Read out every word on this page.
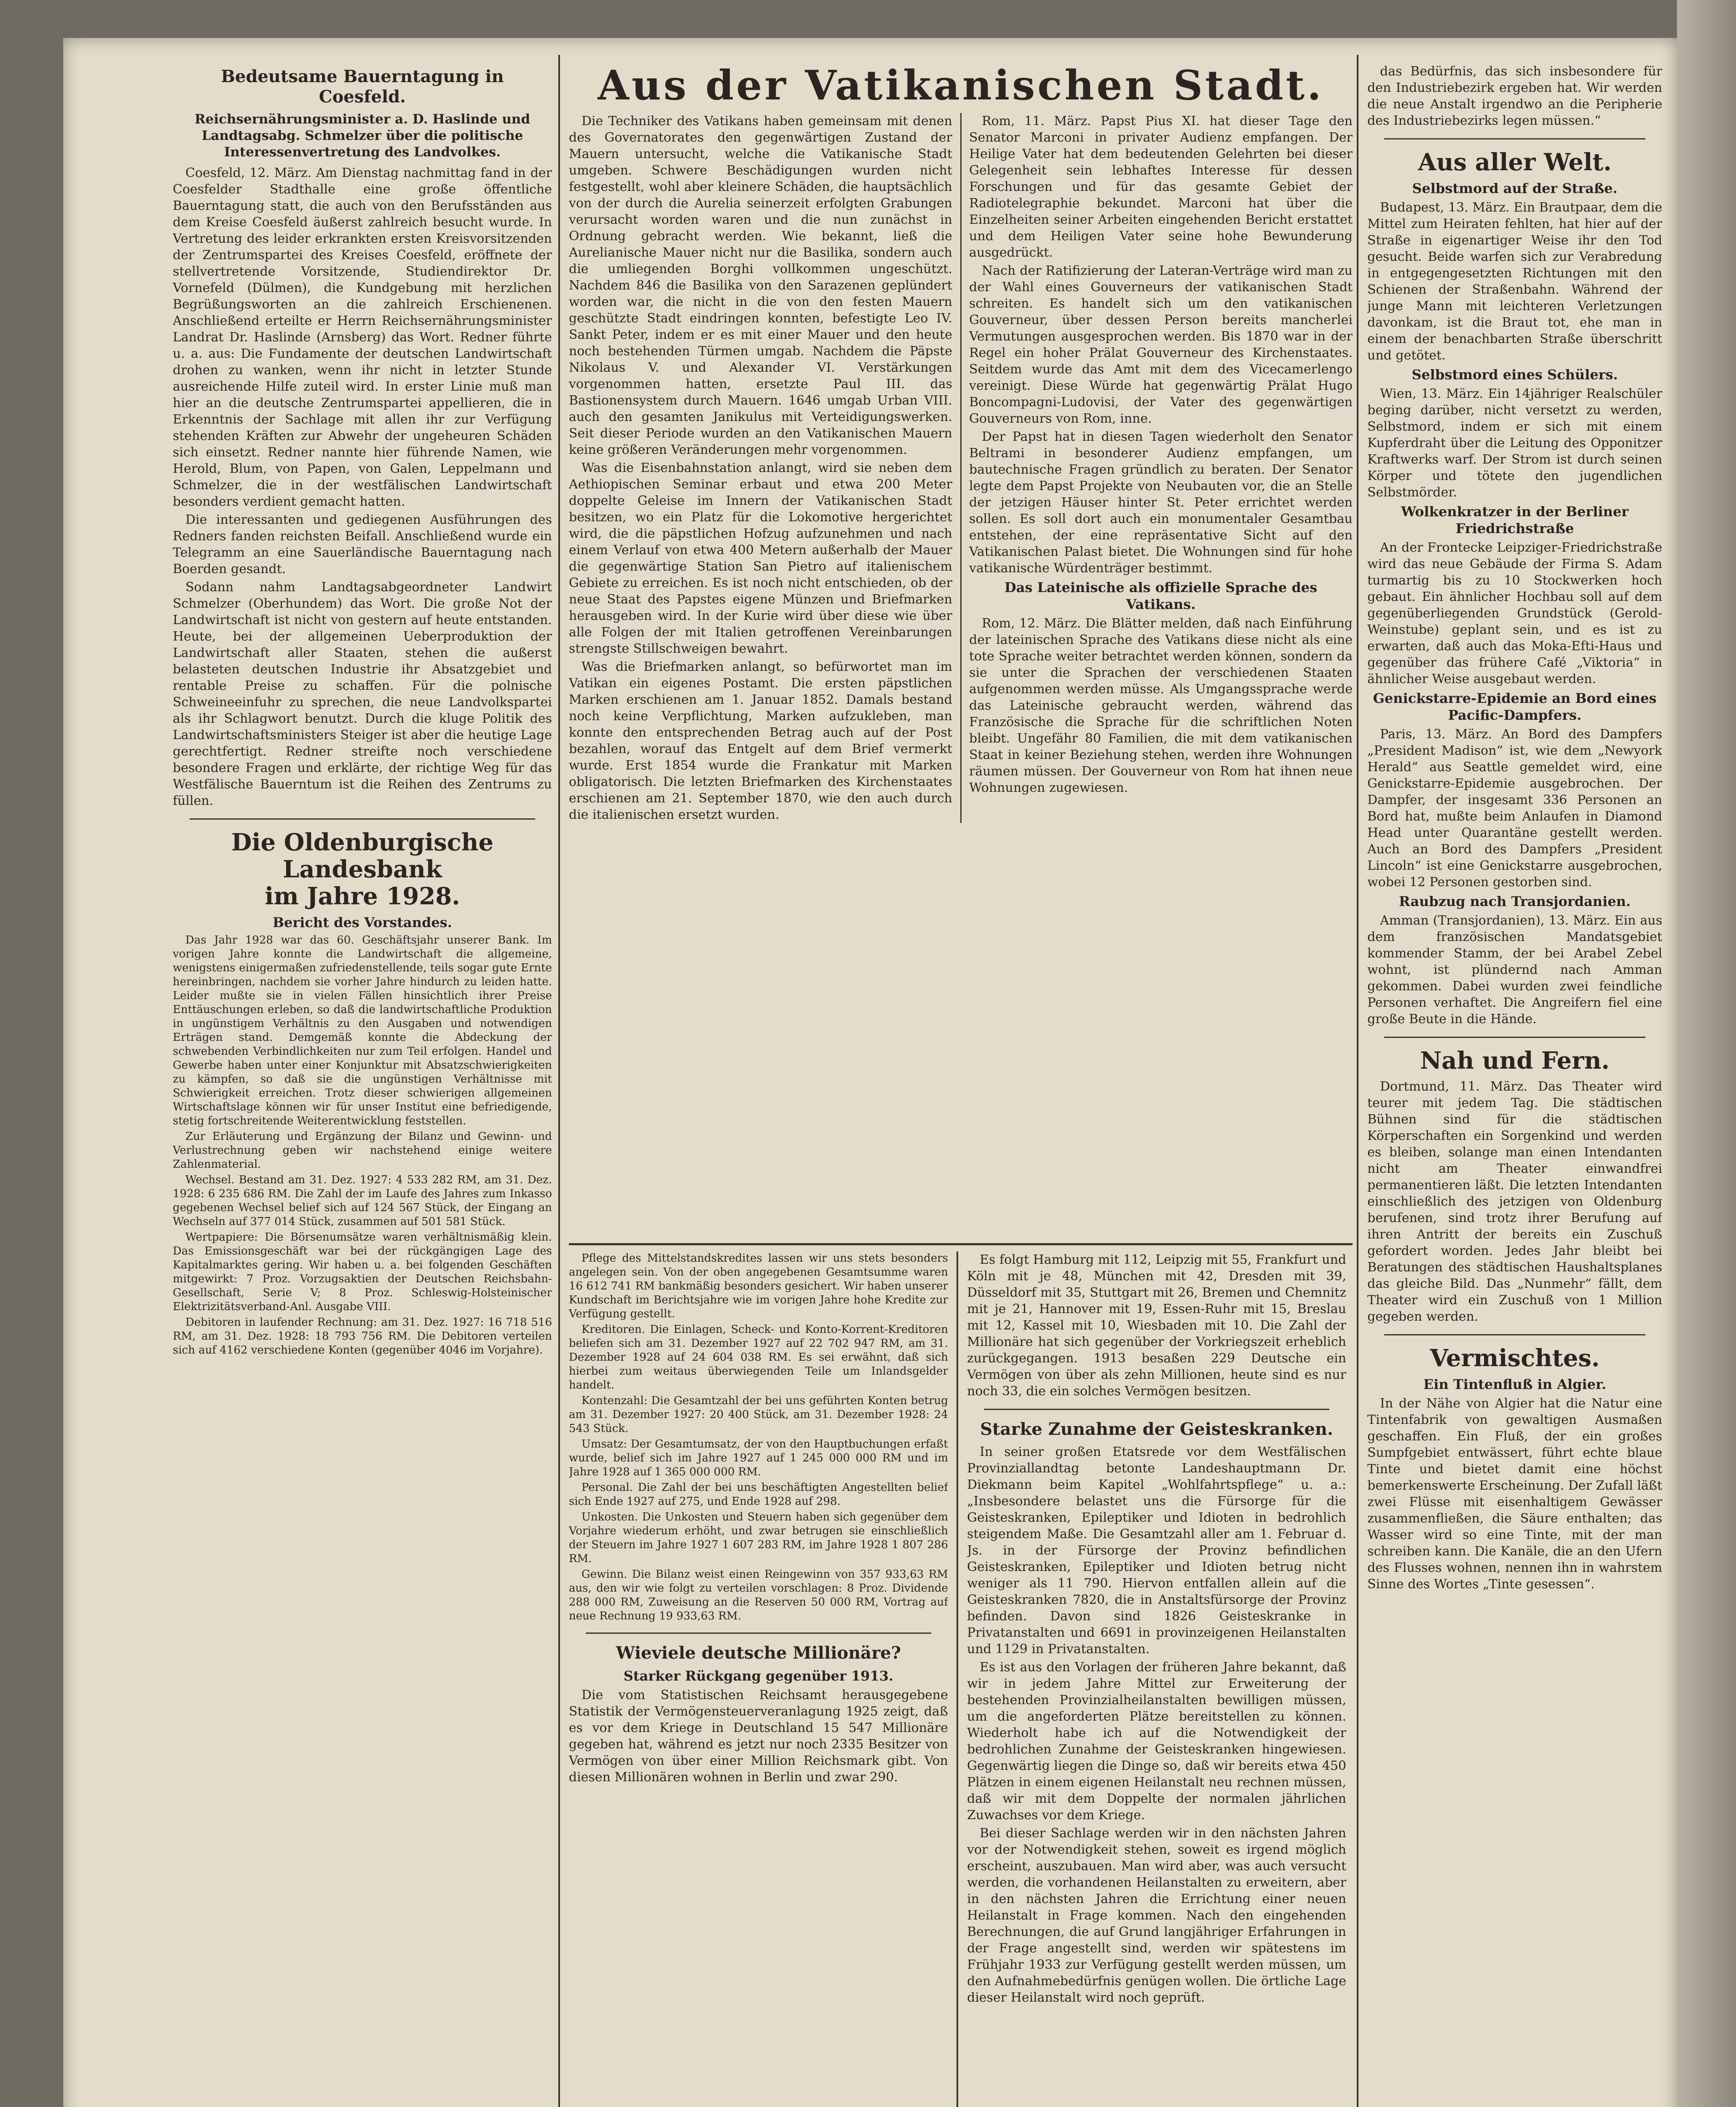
Bedeutsame Bauerntagung in
Coesfeld.
Reichsernährungsminister a. D. Haslinde und Landtagsabg. Schmelzer über die politische Interessenvertretung des Landvolkes.

Coesfeld, 12. März. Am Dienstag nachmittag fand in der Coesfelder Stadthalle eine große öffentliche Bauerntagung statt, die auch von den Berufsständen aus dem Kreise Coesfeld äußerst zahlreich besucht wurde. In Vertretung des leider erkrankten ersten Kreisvorsitzenden der Zentrumspartei des Kreises Coesfeld, eröffnete der stellvertretende Vorsitzende, Studiendirektor Dr. Vornefeld (Dülmen), die Kundgebung mit herzlichen Begrüßungsworten an die zahlreich Erschienenen. Anschließend erteilte er Herrn Reichsernährungsminister Landrat Dr. Haslinde (Arnsberg) das Wort. Redner führte u. a. aus: Die Fundamente der deutschen Landwirtschaft drohen zu wanken, wenn ihr nicht in letzter Stunde ausreichende Hilfe zuteil wird. In erster Linie muß man hier an die deutsche Zentrumspartei appellieren, die in Erkenntnis der Sachlage mit allen ihr zur Verfügung stehenden Kräften zur Abwehr der ungeheuren Schäden sich einsetzt. Redner nannte hier führende Namen, wie Herold, Blum, von Papen, von Galen, Leppelmann und Schmelzer, die in der westfälischen Landwirtschaft besonders verdient gemacht hatten.

Die interessanten und gediegenen Ausführungen des Redners fanden reichsten Beifall. Anschließend wurde ein Telegramm an eine Sauerländische Bauerntagung nach Boerden gesandt.

Sodann nahm Landtagsabgeordneter Landwirt Schmelzer (Oberhundem) das Wort. Die große Not der Landwirtschaft ist nicht von gestern auf heute entstanden. Heute, bei der allgemeinen Ueberproduktion der Landwirtschaft aller Staaten, stehen die außerst belasteten deutschen Industrie ihr Absatzgebiet und rentable Preise zu schaffen. Für die polnische Schweineeinfuhr zu sprechen, die neue Landvolkspartei als ihr Schlagwort benutzt. Durch die kluge Politik des Landwirtschaftsministers Steiger ist aber die heutige Lage gerechtfertigt. Redner streifte noch verschiedene besondere Fragen und erklärte, der richtige Weg für das Westfälische Bauerntum ist die Reihen des Zentrums zu füllen.

Die Oldenburgische Landesbank
im Jahre 1928.
Bericht des Vorstandes.

Das Jahr 1928 war das 60. Geschäftsjahr unserer Bank. Im vorigen Jahre konnte die Landwirtschaft die allgemeine, wenigstens einigermaßen zufriedenstellende, teils sogar gute Ernte hereinbringen, nachdem sie vorher Jahre hindurch zu leiden hatte. Leider mußte sie in vielen Fällen hinsichtlich ihrer Preise Enttäuschungen erleben, so daß die landwirtschaftliche Produktion in ungünstigem Verhältnis zu den Ausgaben und notwendigen Erträgen stand. Demgemäß konnte die Abdeckung der schwebenden Verbindlichkeiten nur zum Teil erfolgen. Handel und Gewerbe haben unter einer Konjunktur mit Absatzschwierigkeiten zu kämpfen, so daß sie die ungünstigen Verhältnisse mit Schwierigkeit erreichen. Trotz dieser schwierigen allgemeinen Wirtschaftslage können wir für unser Institut eine befriedigende, stetig fortschreitende Weiterentwicklung feststellen.

Zur Erläuterung und Ergänzung der Bilanz und Gewinn- und Verlustrechnung geben wir nachstehend einige weitere Zahlenmaterial.

Wechsel. Bestand am 31. Dez. 1927: 4 533 282 RM, am 31. Dez. 1928: 6 235 686 RM. Die Zahl der im Laufe des Jahres zum Inkasso gegebenen Wechsel belief sich auf 124 567 Stück, der Eingang an Wechseln auf 377 014 Stück, zusammen auf 501 581 Stück.

Wertpapiere: Die Börsenumsätze waren verhältnismäßig klein. Das Emissionsgeschäft war bei der rückgängigen Lage des Kapitalmarktes gering. Wir haben u. a. bei folgenden Geschäften mitgewirkt: 7 Proz. Vorzugsaktien der Deutschen Reichsbahn-Gesellschaft, Serie V; 8 Proz. Schleswig-Holsteinischer Elektrizitätsverband-Anl. Ausgabe VIII.

Debitoren in laufender Rechnung: am 31. Dez. 1927: 16 718 516 RM, am 31. Dez. 1928: 18 793 756 RM. Die Debitoren verteilen sich auf 4162 verschiedene Konten (gegenüber 4046 im Vorjahre).

Aus der Vatikanischen Stadt.

Die Techniker des Vatikans haben gemeinsam mit denen des Governatorates den gegenwärtigen Zustand der Mauern untersucht, welche die Vatikanische Stadt umgeben. Schwere Beschädigungen wurden nicht festgestellt, wohl aber kleinere Schäden, die hauptsächlich von der durch die Aurelia seinerzeit erfolgten Grabungen verursacht worden waren und die nun zunächst in Ordnung gebracht werden. Wie bekannt, ließ die Aurelianische Mauer nicht nur die Basilika, sondern auch die umliegenden Borghi vollkommen ungeschützt. Nachdem 846 die Basilika von den Sarazenen geplündert worden war, die nicht in die von den festen Mauern geschützte Stadt eindringen konnten, befestigte Leo IV. Sankt Peter, indem er es mit einer Mauer und den heute noch bestehenden Türmen umgab. Nachdem die Päpste Nikolaus V. und Alexander VI. Verstärkungen vorgenommen hatten, ersetzte Paul III. das Bastionensystem durch Mauern. 1646 umgab Urban VIII. auch den gesamten Janikulus mit Verteidigungswerken. Seit dieser Periode wurden an den Vatikanischen Mauern keine größeren Veränderungen mehr vorgenommen.

Was die Eisenbahnstation anlangt, wird sie neben dem Aethiopischen Seminar erbaut und etwa 200 Meter doppelte Geleise im Innern der Vatikanischen Stadt besitzen, wo ein Platz für die Lokomotive hergerichtet wird, die die päpstlichen Hofzug aufzunehmen und nach einem Verlauf von etwa 400 Metern außerhalb der Mauer die gegenwärtige Station San Pietro auf italienischem Gebiete zu erreichen. Es ist noch nicht entschieden, ob der neue Staat des Papstes eigene Münzen und Briefmarken herausgeben wird. In der Kurie wird über diese wie über alle Folgen der mit Italien getroffenen Vereinbarungen strengste Stillschweigen bewahrt.

Was die Briefmarken anlangt, so befürwortet man im Vatikan ein eigenes Postamt. Die ersten päpstlichen Marken erschienen am 1. Januar 1852. Damals bestand noch keine Verpflichtung, Marken aufzukleben, man konnte den entsprechenden Betrag auch auf der Post bezahlen, worauf das Entgelt auf dem Brief vermerkt wurde. Erst 1854 wurde die Frankatur mit Marken obligatorisch. Die letzten Briefmarken des Kirchenstaates erschienen am 21. September 1870, wie den auch durch die italienischen ersetzt wurden.

Rom, 11. März. Papst Pius XI. hat dieser Tage den Senator Marconi in privater Audienz empfangen. Der Heilige Vater hat dem bedeutenden Gelehrten bei dieser Gelegenheit sein lebhaftes Interesse für dessen Forschungen und für das gesamte Gebiet der Radiotelegraphie bekundet. Marconi hat über die Einzelheiten seiner Arbeiten eingehenden Bericht erstattet und dem Heiligen Vater seine hohe Bewunderung ausgedrückt.

Nach der Ratifizierung der Lateran-Verträge wird man zu der Wahl eines Gouverneurs der vatikanischen Stadt schreiten. Es handelt sich um den vatikanischen Gouverneur, über dessen Person bereits mancherlei Vermutungen ausgesprochen werden. Bis 1870 war in der Regel ein hoher Prälat Gouverneur des Kirchenstaates. Seitdem wurde das Amt mit dem des Vicecamerlengo vereinigt. Diese Würde hat gegenwärtig Prälat Hugo Boncompagni-Ludovisi, der Vater des gegenwärtigen Gouverneurs von Rom, inne.

Der Papst hat in diesen Tagen wiederholt den Senator Beltrami in besonderer Audienz empfangen, um bautechnische Fragen gründlich zu beraten. Der Senator legte dem Papst Projekte von Neubauten vor, die an Stelle der jetzigen Häuser hinter St. Peter errichtet werden sollen. Es soll dort auch ein monumentaler Gesamtbau entstehen, der eine repräsentative Sicht auf den Vatikanischen Palast bietet. Die Wohnungen sind für hohe vatikanische Würdenträger bestimmt.

Das Lateinische als offizielle Sprache des Vatikans.

Rom, 12. März. Die Blätter melden, daß nach Einführung der lateinischen Sprache des Vatikans diese nicht als eine tote Sprache weiter betrachtet werden können, sondern da sie unter die Sprachen der verschiedenen Staaten aufgenommen werden müsse. Als Umgangssprache werde das Lateinische gebraucht werden, während das Französische die Sprache für die schriftlichen Noten bleibt. Ungefähr 80 Familien, die mit dem vatikanischen Staat in keiner Beziehung stehen, werden ihre Wohnungen räumen müssen. Der Gouverneur von Rom hat ihnen neue Wohnungen zugewiesen.

Pflege des Mittelstandskredites lassen wir uns stets besonders angelegen sein. Von der oben angegebenen Gesamtsumme waren 16 612 741 RM bankmäßig besonders gesichert. Wir haben unserer Kundschaft im Berichtsjahre wie im vorigen Jahre hohe Kredite zur Verfügung gestellt.

Kreditoren. Die Einlagen, Scheck- und Konto-Korrent-Kreditoren beliefen sich am 31. Dezember 1927 auf 22 702 947 RM, am 31. Dezember 1928 auf 24 604 038 RM. Es sei erwähnt, daß sich hierbei zum weitaus überwiegenden Teile um Inlandsgelder handelt.

Kontenzahl: Die Gesamtzahl der bei uns geführten Konten betrug am 31. Dezember 1927: 20 400 Stück, am 31. Dezember 1928: 24 543 Stück.

Umsatz: Der Gesamtumsatz, der von den Hauptbuchungen erfaßt wurde, belief sich im Jahre 1927 auf 1 245 000 000 RM und im Jahre 1928 auf 1 365 000 000 RM.

Personal. Die Zahl der bei uns beschäftigten Angestellten belief sich Ende 1927 auf 275, und Ende 1928 auf 298.

Unkosten. Die Unkosten und Steuern haben sich gegenüber dem Vorjahre wiederum erhöht, und zwar betrugen sie einschließlich der Steuern im Jahre 1927 1 607 283 RM, im Jahre 1928 1 807 286 RM.

Gewinn. Die Bilanz weist einen Reingewinn von 357 933,63 RM aus, den wir wie folgt zu verteilen vorschlagen: 8 Proz. Dividende 288 000 RM, Zuweisung an die Reserven 50 000 RM, Vortrag auf neue Rechnung 19 933,63 RM.

Wieviele deutsche Millionäre?
Starker Rückgang gegenüber 1913.

Die vom Statistischen Reichsamt herausgegebene Statistik der Vermögensteuerveranlagung 1925 zeigt, daß es vor dem Kriege in Deutschland 15 547 Millionäre gegeben hat, während es jetzt nur noch 2335 Besitzer von Vermögen von über einer Million Reichsmark gibt. Von diesen Millionären wohnen in Berlin und zwar 290.

Es folgt Hamburg mit 112, Leipzig mit 55, Frankfurt und Köln mit je 48, München mit 42, Dresden mit 39, Düsseldorf mit 35, Stuttgart mit 26, Bremen und Chemnitz mit je 21, Hannover mit 19, Essen-Ruhr mit 15, Breslau mit 12, Kassel mit 10, Wiesbaden mit 10. Die Zahl der Millionäre hat sich gegenüber der Vorkriegszeit erheblich zurückgegangen. 1913 besaßen 229 Deutsche ein Vermögen von über als zehn Millionen, heute sind es nur noch 33, die ein solches Vermögen besitzen.

Starke Zunahme der Geisteskranken.

In seiner großen Etatsrede vor dem Westfälischen Provinziallandtag betonte Landeshauptmann Dr. Diekmann beim Kapitel „Wohlfahrtspflege“ u. a.: „Insbesondere belastet uns die Fürsorge für die Geisteskranken, Epileptiker und Idioten in bedrohlich steigendem Maße. Die Gesamtzahl aller am 1. Februar d. Js. in der Fürsorge der Provinz befindlichen Geisteskranken, Epileptiker und Idioten betrug nicht weniger als 11 790. Hiervon entfallen allein auf die Geisteskranken 7820, die in Anstaltsfürsorge der Provinz befinden. Davon sind 1826 Geisteskranke in Privatanstalten und 6691 in provinzeigenen Heilanstalten und 1129 in Privatanstalten.

Es ist aus den Vorlagen der früheren Jahre bekannt, daß wir in jedem Jahre Mittel zur Erweiterung der bestehenden Provinzialheilanstalten bewilligen müssen, um die angeforderten Plätze bereitstellen zu können. Wiederholt habe ich auf die Notwendigkeit der bedrohlichen Zunahme der Geisteskranken hingewiesen. Gegenwärtig liegen die Dinge so, daß wir bereits etwa 450 Plätzen in einem eigenen Heilanstalt neu rechnen müssen, daß wir mit dem Doppelte der normalen jährlichen Zuwachses vor dem Kriege.

Bei dieser Sachlage werden wir in den nächsten Jahren vor der Notwendigkeit stehen, soweit es irgend möglich erscheint, auszubauen. Man wird aber, was auch versucht werden, die vorhandenen Heilanstalten zu erweitern, aber in den nächsten Jahren die Errichtung einer neuen Heilanstalt in Frage kommen. Nach den eingehenden Berechnungen, die auf Grund langjähriger Erfahrungen in der Frage angestellt sind, werden wir spätestens im Frühjahr 1933 zur Verfügung gestellt werden müssen, um den Aufnahmebedürfnis genügen wollen. Die örtliche Lage dieser Heilanstalt wird noch geprüft.

das Bedürfnis, das sich insbesondere für den Industriebezirk ergeben hat. Wir werden die neue Anstalt irgendwo an die Peripherie des Industriebezirks legen müssen.“

Aus aller Welt.
Selbstmord auf der Straße.

Budapest, 13. März. Ein Brautpaar, dem die Mittel zum Heiraten fehlten, hat hier auf der Straße in eigenartiger Weise ihr den Tod gesucht. Beide warfen sich zur Verabredung in entgegengesetzten Richtungen mit den Schienen der Straßenbahn. Während der junge Mann mit leichteren Verletzungen davonkam, ist die Braut tot, ehe man in einem der benachbarten Straße überschritt und getötet.

Selbstmord eines Schülers.

Wien, 13. März. Ein 14jähriger Realschüler beging darüber, nicht versetzt zu werden, Selbstmord, indem er sich mit einem Kupferdraht über die Leitung des Opponitzer Kraftwerks warf. Der Strom ist durch seinen Körper und tötete den jugendlichen Selbstmörder.

Wolkenkratzer in der Berliner Friedrichstraße

An der Frontecke Leipziger-Friedrichstraße wird das neue Gebäude der Firma S. Adam turmartig bis zu 10 Stockwerken hoch gebaut. Ein ähnlicher Hochbau soll auf dem gegenüberliegenden Grundstück (Gerold-Weinstube) geplant sein, und es ist zu erwarten, daß auch das Moka-Efti-Haus und gegenüber das frühere Café „Viktoria“ in ähnlicher Weise ausgebaut werden.

Genickstarre-Epidemie an Bord eines Pacific-Dampfers.

Paris, 13. März. An Bord des Dampfers „President Madison“ ist, wie dem „Newyork Herald“ aus Seattle gemeldet wird, eine Genickstarre-Epidemie ausgebrochen. Der Dampfer, der insgesamt 336 Personen an Bord hat, mußte beim Anlaufen in Diamond Head unter Quarantäne gestellt werden. Auch an Bord des Dampfers „President Lincoln“ ist eine Genickstarre ausgebrochen, wobei 12 Personen gestorben sind.

Raubzug nach Transjordanien.

Amman (Transjordanien), 13. März. Ein aus dem französischen Mandatsgebiet kommender Stamm, der bei Arabel Zebel wohnt, ist plündernd nach Amman gekommen. Dabei wurden zwei feindliche Personen verhaftet. Die Angreifern fiel eine große Beute in die Hände.

Nah und Fern.

Dortmund, 11. März. Das Theater wird teurer mit jedem Tag. Die städtischen Bühnen sind für die städtischen Körperschaften ein Sorgenkind und werden es bleiben, solange man einen Intendanten nicht am Theater einwandfrei permanentieren läßt. Die letzten Intendanten einschließlich des jetzigen von Oldenburg berufenen, sind trotz ihrer Berufung auf ihren Antritt der bereits ein Zuschuß gefordert worden. Jedes Jahr bleibt bei Beratungen des städtischen Haushaltsplanes das gleiche Bild. Das „Nunmehr“ fällt, dem Theater wird ein Zuschuß von 1 Million gegeben werden.

Vermischtes.
Ein Tintenfluß in Algier.

In der Nähe von Algier hat die Natur eine Tintenfabrik von gewaltigen Ausmaßen geschaffen. Ein Fluß, der ein großes Sumpfgebiet entwässert, führt echte blaue Tinte und bietet damit eine höchst bemerkenswerte Erscheinung. Der Zufall läßt zwei Flüsse mit eisenhaltigem Gewässer zusammenfließen, die Säure enthalten; das Wasser wird so eine Tinte, mit der man schreiben kann. Die Kanäle, die an den Ufern des Flusses wohnen, nennen ihn in wahrstem Sinne des Wortes „Tinte gesessen“.
